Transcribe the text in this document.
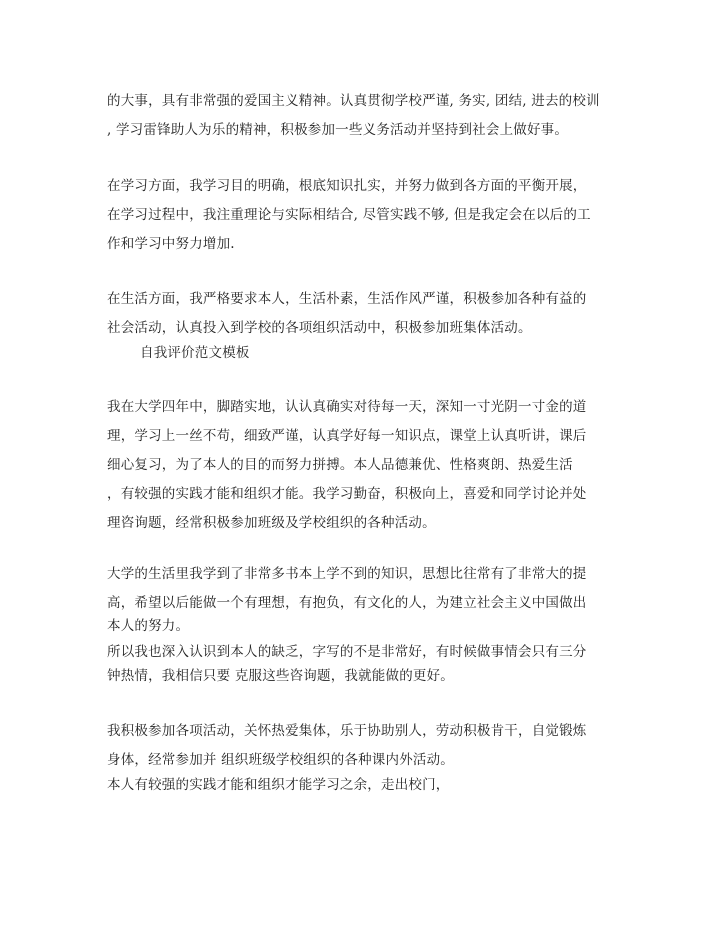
的大事，具有非常强的爱国主义精神。认真贯彻学校严谨, 务实, 团结, 进去的校训
, 学习雷锋助人为乐的精神，积极参加一些义务活动并坚持到社会上做好事。
在学习方面，我学习目的明确，根底知识扎实，并努力做到各方面的平衡开展，
在学习过程中，我注重理论与实际相结合, 尽管实践不够, 但是我定会在以后的工
作和学习中努力增加.
在生活方面，我严格要求本人，生活朴素，生活作风严谨，积极参加各种有益的
社会活动，认真投入到学校的各项组织活动中，积极参加班集体活动。
自我评价范文模板
我在大学四年中，脚踏实地，认认真确实对待每一天，深知一寸光阴一寸金的道
理，学习上一丝不苟，细致严谨，认真学好每一知识点，课堂上认真听讲，课后
细心复习，为了本人的目的而努力拼搏。本人品德兼优、性格爽朗、热爱生活
，有较强的实践才能和组织才能。我学习勤奋，积极向上，喜爱和同学讨论并处
理咨询题，经常积极参加班级及学校组织的各种活动。
大学的生活里我学到了非常多书本上学不到的知识，思想比往常有了非常大的提
高，希望以后能做一个有理想，有抱负，有文化的人，为建立社会主义中国做出
本人的努力。
所以我也深入认识到本人的缺乏，字写的不是非常好，有时候做事情会只有三分
钟热情，我相信只要 克服这些咨询题，我就能做的更好。
我积极参加各项活动，关怀热爱集体，乐于协助别人，劳动积极肯干，自觉锻炼
身体，经常参加并 组织班级学校组织的各种课内外活动。
本人有较强的实践才能和组织才能学习之余，走出校门，
